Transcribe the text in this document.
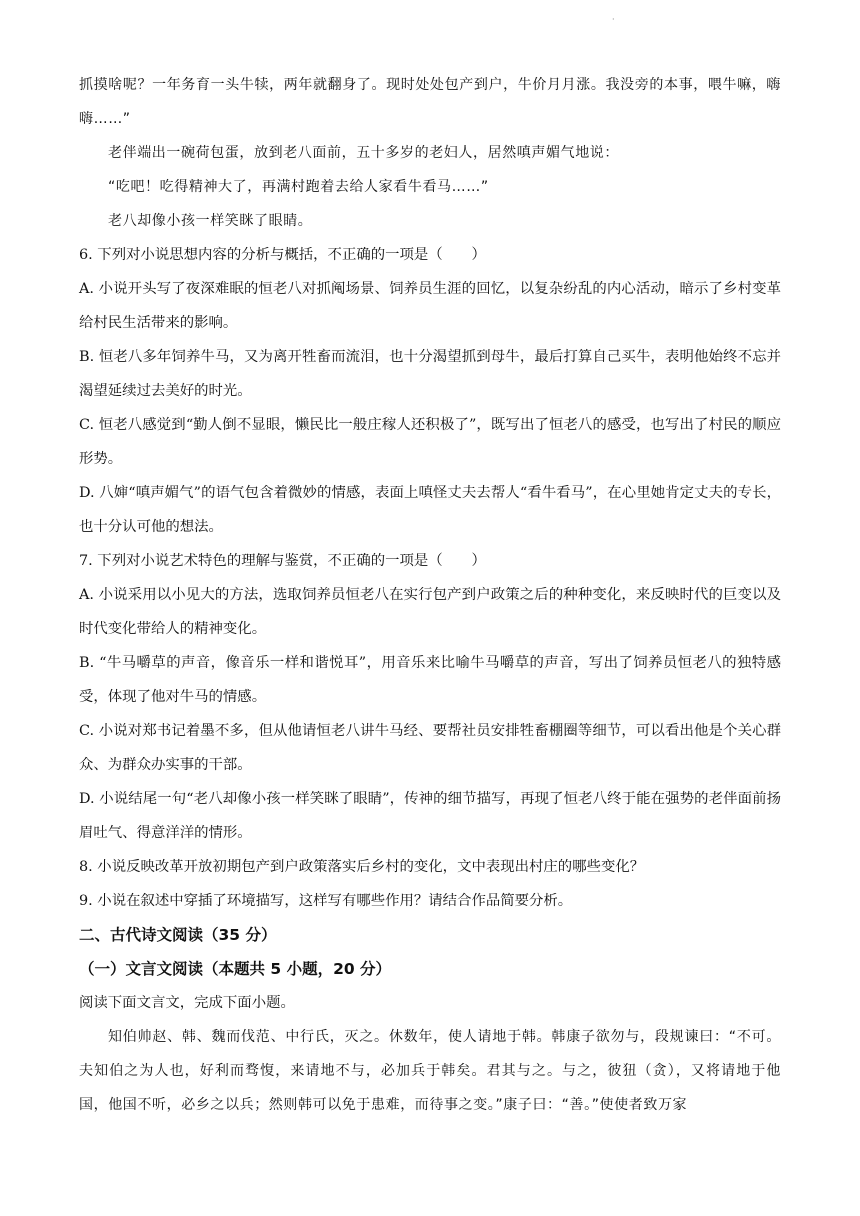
·

抓摸啥呢？一年务育一头牛犊，两年就翻身了。现时处处包产到户，牛价月月涨。我没旁的本事，喂牛嘛，嗨嗨……”

老伴端出一碗荷包蛋，放到老八面前，五十多岁的老妇人，居然嗔声媚气地说：

“吃吧！吃得精神大了，再满村跑着去给人家看牛看马……”

老八却像小孩一样笑眯了眼睛。

6. 下列对小说思想内容的分析与概括，不正确的一项是（　　）

A. 小说开头写了夜深难眠的恒老八对抓阄场景、饲养员生涯的回忆，以复杂纷乱的内心活动，暗示了乡村变革给村民生活带来的影响。

B. 恒老八多年饲养牛马，又为离开牲畜而流泪，也十分渴望抓到母牛，最后打算自己买牛，表明他始终不忘并渴望延续过去美好的时光。

C. 恒老八感觉到“勤人倒不显眼，懒民比一般庄稼人还积极了”，既写出了恒老八的感受，也写出了村民的顺应形势。

D. 八婶“嗔声媚气”的语气包含着微妙的情感，表面上嗔怪丈夫去帮人“看牛看马”，在心里她肯定丈夫的专长，也十分认可他的想法。

7. 下列对小说艺术特色的理解与鉴赏，不正确的一项是（　　）

A. 小说采用以小见大的方法，选取饲养员恒老八在实行包产到户政策之后的种种变化，来反映时代的巨变以及时代变化带给人的精神变化。

B. “牛马嚼草的声音，像音乐一样和谐悦耳”，用音乐来比喻牛马嚼草的声音，写出了饲养员恒老八的独特感受，体现了他对牛马的情感。

C. 小说对郑书记着墨不多，但从他请恒老八讲牛马经、要帮社员安排牲畜棚圈等细节，可以看出他是个关心群众、为群众办实事的干部。

D. 小说结尾一句“老八却像小孩一样笑眯了眼睛”，传神的细节描写，再现了恒老八终于能在强势的老伴面前扬眉吐气、得意洋洋的情形。

8. 小说反映改革开放初期包产到户政策落实后乡村的变化，文中表现出村庄的哪些变化？

9. 小说在叙述中穿插了环境描写，这样写有哪些作用？请结合作品简要分析。

二、古代诗文阅读（35 分）

（一）文言文阅读（本题共 5 小题，20 分）

阅读下面文言文，完成下面小题。

知伯帅赵、韩、魏而伐范、中行氏，灭之。休数年，使人请地于韩。韩康子欲勿与，段规谏曰：“不可。夫知伯之为人也，好利而骛愎，来请地不与，必加兵于韩矣。君其与之。与之，彼狃（贪），又将请地于他国，他国不听，必乡之以兵；然则韩可以免于患难，而待事之变。”康子曰：“善。”使使者致万家
